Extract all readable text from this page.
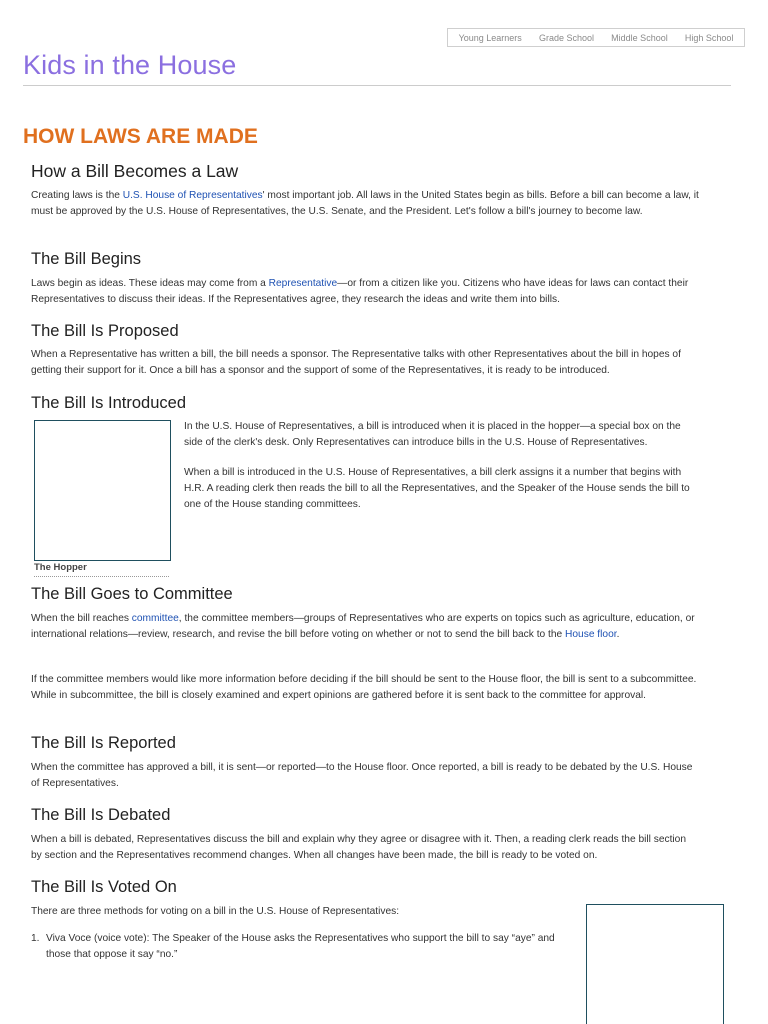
Young Learners Grade School Middle School High School
Kids in the House
HOW LAWS ARE MADE
How a Bill Becomes a Law

Creating laws is the U.S. House of Representatives' most important job. All laws in the United States begin as bills. Before a bill can become a law, it must be approved by the U.S. House of Representatives, the U.S. Senate, and the President. Let's follow a bill's journey to become law.

The Bill Begins

Laws begin as ideas. These ideas may come from a Representative—or from a citizen like you. Citizens who have ideas for laws can contact their Representatives to discuss their ideas. If the Representatives agree, they research the ideas and write them into bills.

The Bill Is Proposed

When a Representative has written a bill, the bill needs a sponsor. The Representative talks with other Representatives about the bill in hopes of getting their support for it. Once a bill has a sponsor and the support of some of the Representatives, it is ready to be introduced.

The Bill Is Introduced

In the U.S. House of Representatives, a bill is introduced when it is placed in the hopper—a special box on the side of the clerk's desk. Only Representatives can introduce bills in the U.S. House of Representatives.

When a bill is introduced in the U.S. House of Representatives, a bill clerk assigns it a number that begins with H.R. A reading clerk then reads the bill to all the Representatives, and the Speaker of the House sends the bill to one of the House standing committees.

The Bill Goes to Committee

When the bill reaches committee, the committee members—groups of Representatives who are experts on topics such as agriculture, education, or international relations—review, research, and revise the bill before voting on whether or not to send the bill back to the House floor.

If the committee members would like more information before deciding if the bill should be sent to the House floor, the bill is sent to a subcommittee. While in subcommittee, the bill is closely examined and expert opinions are gathered before it is sent back to the committee for approval.

The Bill Is Reported

When the committee has approved a bill, it is sent—or reported—to the House floor. Once reported, a bill is ready to be debated by the U.S. House of Representatives.

The Bill Is Debated

When a bill is debated, Representatives discuss the bill and explain why they agree or disagree with it. Then, a reading clerk reads the bill section by section and the Representatives recommend changes. When all changes have been made, the bill is ready to be voted on.

The Bill Is Voted On

There are three methods for voting on a bill in the U.S. House of Representatives:

The Hopper
1. Viva Voce (voice vote): The Speaker of the House asks the Representatives who support the bill to say “aye” and those that oppose it say “no.”
